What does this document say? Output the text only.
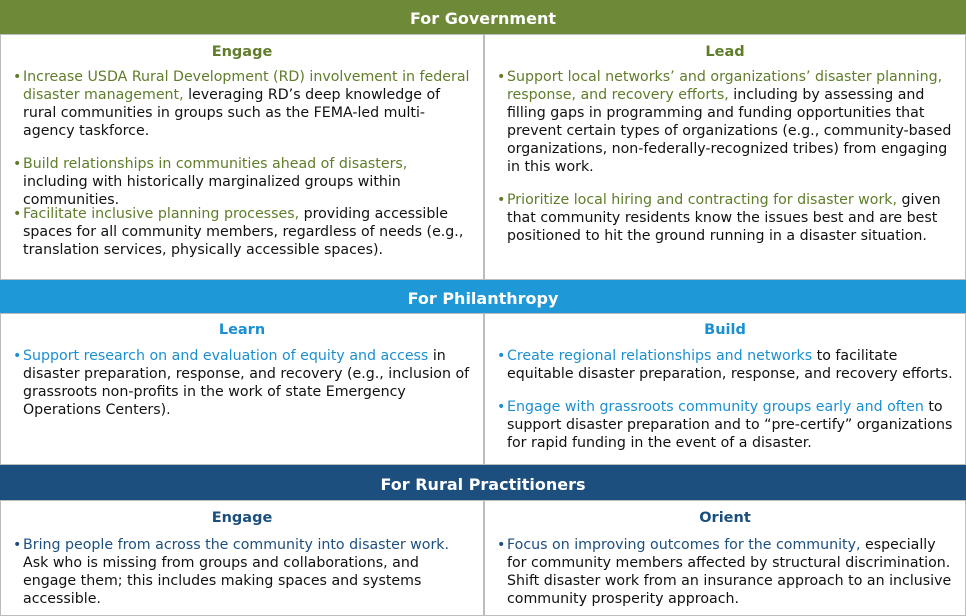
For Government
Engage
• Increase USDA Rural Development (RD) involvement in federal disaster management, leveraging RD’s deep knowledge of rural communities in groups such as the FEMA-led multi-agency taskforce.
• Build relationships in communities ahead of disasters, including with historically marginalized groups within communities.
• Facilitate inclusive planning processes, providing accessible spaces for all community members, regardless of needs (e.g., translation services, physically accessible spaces).
Lead
• Support local networks’ and organizations’ disaster planning, response, and recovery efforts, including by assessing and filling gaps in programming and funding opportunities that prevent certain types of organizations (e.g., community-based organizations, non-federally-recognized tribes) from engaging in this work.
• Prioritize local hiring and contracting for disaster work, given that community residents know the issues best and are best positioned to hit the ground running in a disaster situation.
For Philanthropy
Learn
• Support research on and evaluation of equity and access in disaster preparation, response, and recovery (e.g., inclusion of grassroots non-profits in the work of state Emergency Operations Centers).
Build
• Create regional relationships and networks to facilitate equitable disaster preparation, response, and recovery efforts.
• Engage with grassroots community groups early and often to support disaster preparation and to “pre-certify” organizations for rapid funding in the event of a disaster.
For Rural Practitioners
Engage
• Bring people from across the community into disaster work. Ask who is missing from groups and collaborations, and engage them; this includes making spaces and systems accessible.
Orient
• Focus on improving outcomes for the community, especially for community members affected by structural discrimination. Shift disaster work from an insurance approach to an inclusive community prosperity approach.
